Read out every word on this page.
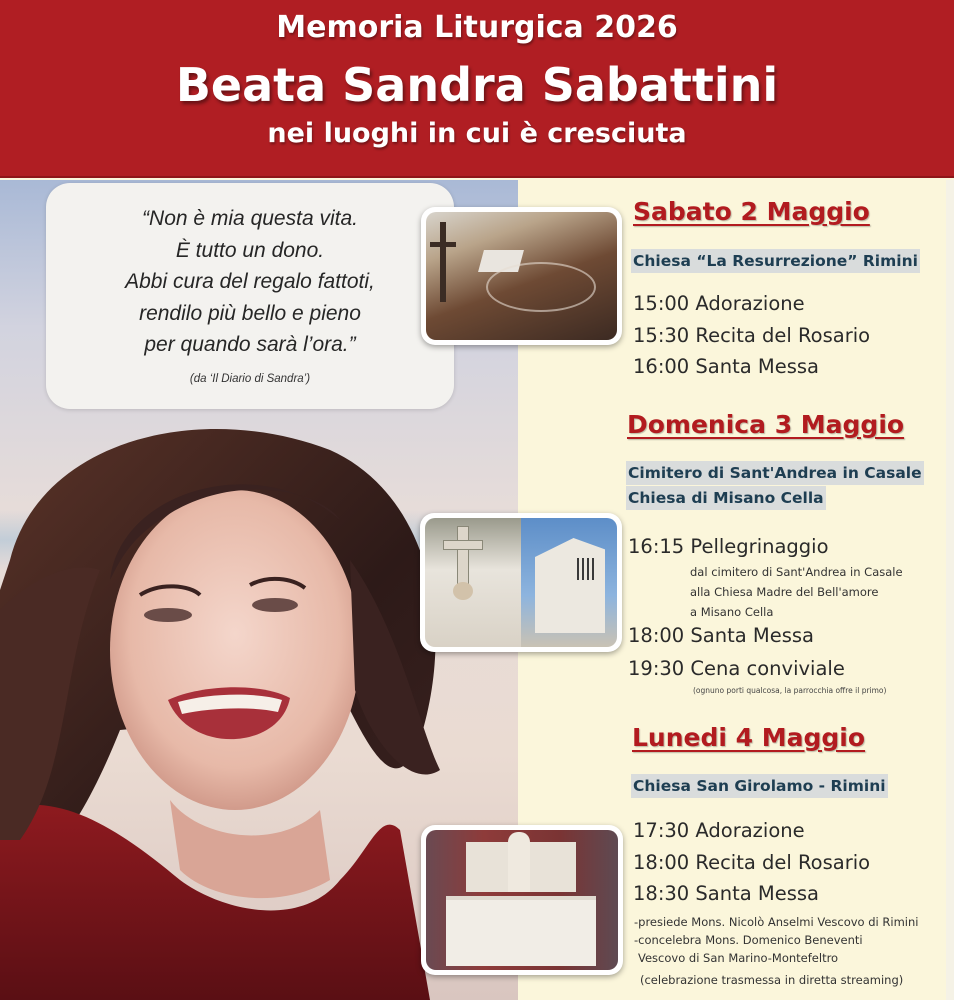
Memoria Liturgica 2026
Beata Sandra Sabattini
nei luoghi in cui è cresciuta
“Non è mia questa vita.
È tutto un dono.
Abbi cura del regalo fattoti,
rendilo più bello e pieno
per quando sarà l’ora.”
(da ‘Il Diario di Sandra’)
Sabato 2 Maggio
Chiesa “La Resurrezione” Rimini
15:00 Adorazione
15:30 Recita del Rosario
16:00 Santa Messa
Domenica 3 Maggio
Cimitero di Sant'Andrea in Casale
Chiesa di Misano Cella
16:15 Pellegrinaggio
dal cimitero di Sant'Andrea in Casale
alla Chiesa Madre del Bell'amore
a Misano Cella
18:00 Santa Messa
19:30 Cena conviviale
(ognuno porti qualcosa, la parrocchia offre il primo)
Lunedi 4 Maggio
Chiesa San Girolamo - Rimini
17:30 Adorazione
18:00 Recita del Rosario
18:30 Santa Messa
-presiede Mons. Nicolò Anselmi Vescovo di Rimini
-concelebra Mons. Domenico Beneventi
Vescovo di San Marino-Montefeltro
(celebrazione trasmessa in diretta streaming)
